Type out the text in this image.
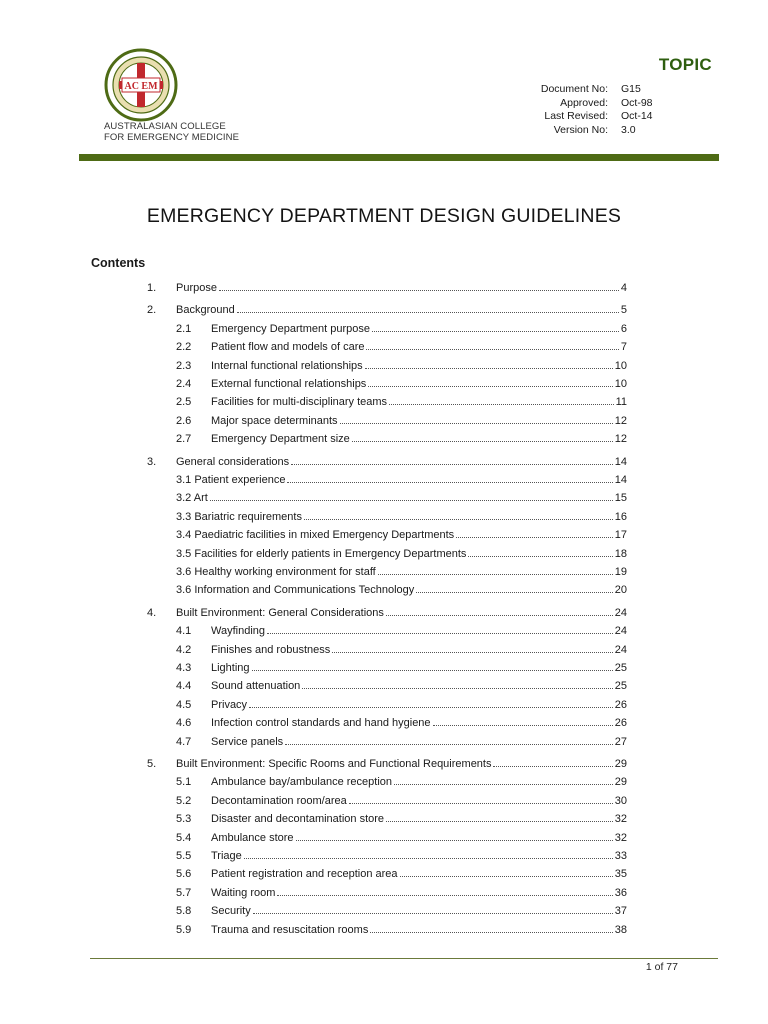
AC EM
AUSTRALASIAN COLLEGE
FOR EMERGENCY MEDICINE
TOPIC
Document No:	G15
Approved:	Oct-98
Last Revised:	Oct-14
Version No:	3.0
EMERGENCY DEPARTMENT DESIGN GUIDELINES
Contents
1. Purpose	4
2. Background	5
2.1 Emergency Department purpose	6
2.2 Patient flow and models of care	7
2.3 Internal functional relationships	10
2.4 External functional relationships	10
2.5 Facilities for multi-disciplinary teams	11
2.6 Major space determinants	12
2.7 Emergency Department size	12
3. General considerations	14
3.1 Patient experience	14
3.2 Art	15
3.3 Bariatric requirements	16
3.4 Paediatric facilities in mixed Emergency Departments	17
3.5 Facilities for elderly patients in Emergency Departments	18
3.6 Healthy working environment for staff	19
3.6 Information and Communications Technology	20
4. Built Environment: General Considerations	24
4.1 Wayfinding	24
4.2 Finishes and robustness	24
4.3 Lighting	25
4.4 Sound attenuation	25
4.5 Privacy	26
4.6 Infection control standards and hand hygiene	26
4.7 Service panels	27
5. Built Environment: Specific Rooms and Functional Requirements	29
5.1 Ambulance bay/ambulance reception	29
5.2 Decontamination room/area	30
5.3 Disaster and decontamination store	32
5.4 Ambulance store	32
5.5 Triage	33
5.6 Patient registration and reception area	35
5.7 Waiting room	36
5.8 Security	37
5.9 Trauma and resuscitation rooms	38
1 of 77
